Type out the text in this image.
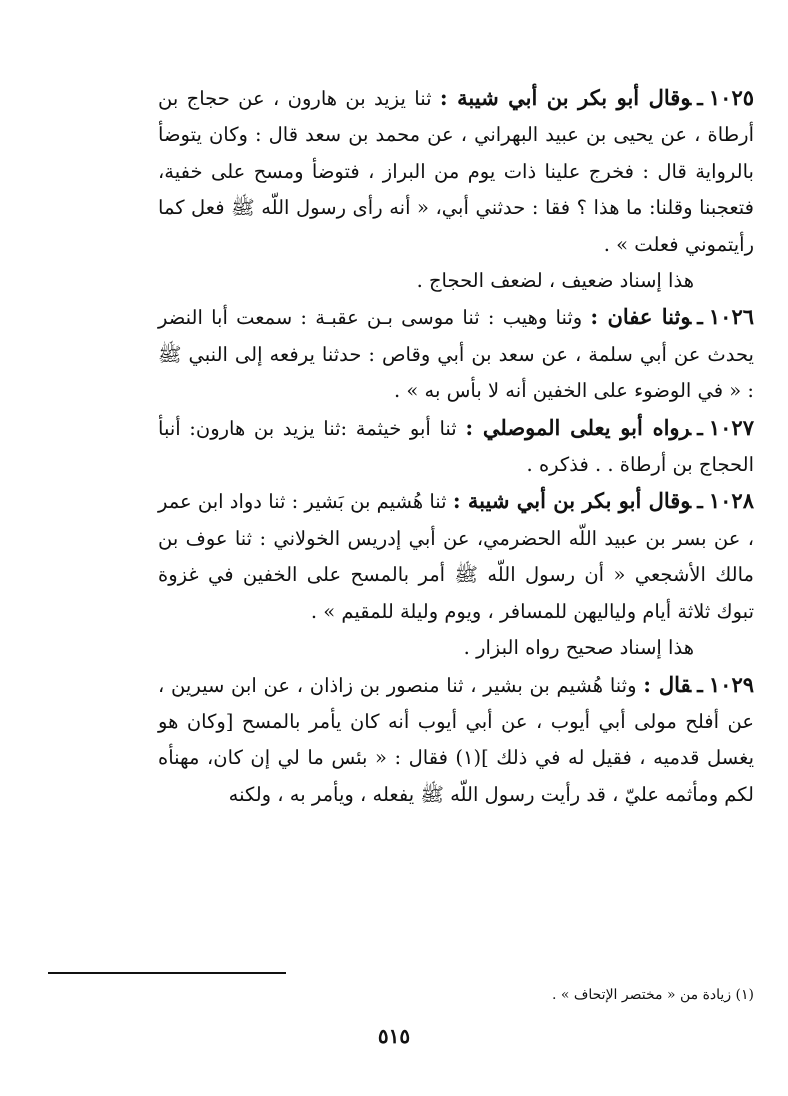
١٠٢٥ـوقال أبو بكر بن أبي شيبة : ثنا يزيد بن هارون ، عن حجاج بن أرطاة ، عن يحيى بن عبيد البهراني ، عن محمد بن سعد قال : وكان يتوضأ بالرواية قال : فخرج علينا ذات يوم من البراز ، فتوضأ ومسح على خفية، فتعجبنا وقلنا: ما هذا ؟ فقا : حدثني أبي، « أنه رأى رسول اللّه ﷺ فعل كما رأيتموني فعلت » .

هذا إسناد ضعيف ، لضعف الحجاج .

١٠٢٦ـوثنا عفان : وثنا وهيب : ثنا موسى بـن عقبـة : سمعت أبا النضر يحدث عن أبي سلمة ، عن سعد بن أبي وقاص : حدثنا يرفعه إلى النبي ﷺ : « في الوضوء على الخفين أنه لا بأس به » .

١٠٢٧ـرواه أبو يعلى الموصلي : ثنا أبو خيثمة :ثنا يزيد بن هارون: أنبأ الحجاج بن أرطاة . . فذكره .

١٠٢٨ـوقال أبو بكر بن أبي شيبة : ثنا هُشيم بن بَشير : ثنا دواد ابن عمر ، عن بسر بن عبيد اللّه الحضرمي، عن أبي إدريس الخولاني : ثنا عوف بن مالك الأشجعي « أن رسول اللّه ﷺ أمر بالمسح على الخفين في غزوة تبوك ثلاثة أيام ولياليهن للمسافر ، ويوم وليلة للمقيم » .

هذا إسناد صحيح رواه البزار .

١٠٢٩ـقال : وثنا هُشيم بن بشير ، ثنا منصور بن زاذان ، عن ابن سيرين ، عن أفلح مولى أبي أيوب ، عن أبي أيوب أنه كان يأمر بالمسح [وكان هو يغسل قدميه ، فقيل له في ذلك ](١) فقال : « بئس ما لي إن كان، مهنأه لكم ومأثمه عليّ ، قد رأيت رسول اللّه ﷺ يفعله ، ويأمر به ، ولكنه

(١) زيادة من « مختصر الإتحاف » .
٥١٥
